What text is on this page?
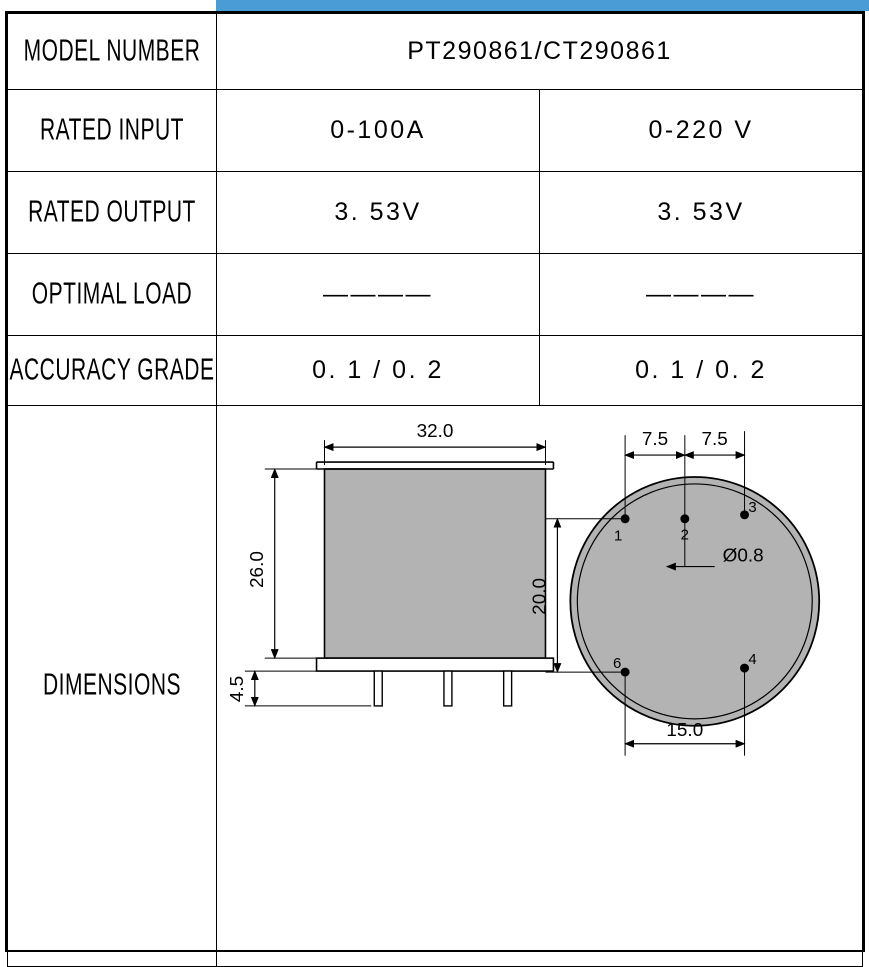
MODEL NUMBER	PT290861/CT290861	
RATED INPUT	0-100A	0-220 V
RATED OUTPUT	3. 53V	3. 53V
OPTIMAL LOAD	————	————
ACCURACY GRADE	0. 1 / 0. 2	0. 1 / 0. 2
DIMENSIONS	
32.0
26.0
4.5
1	2
3
6	4
7.5 7.5
Ø0.8
20.0
15.0
